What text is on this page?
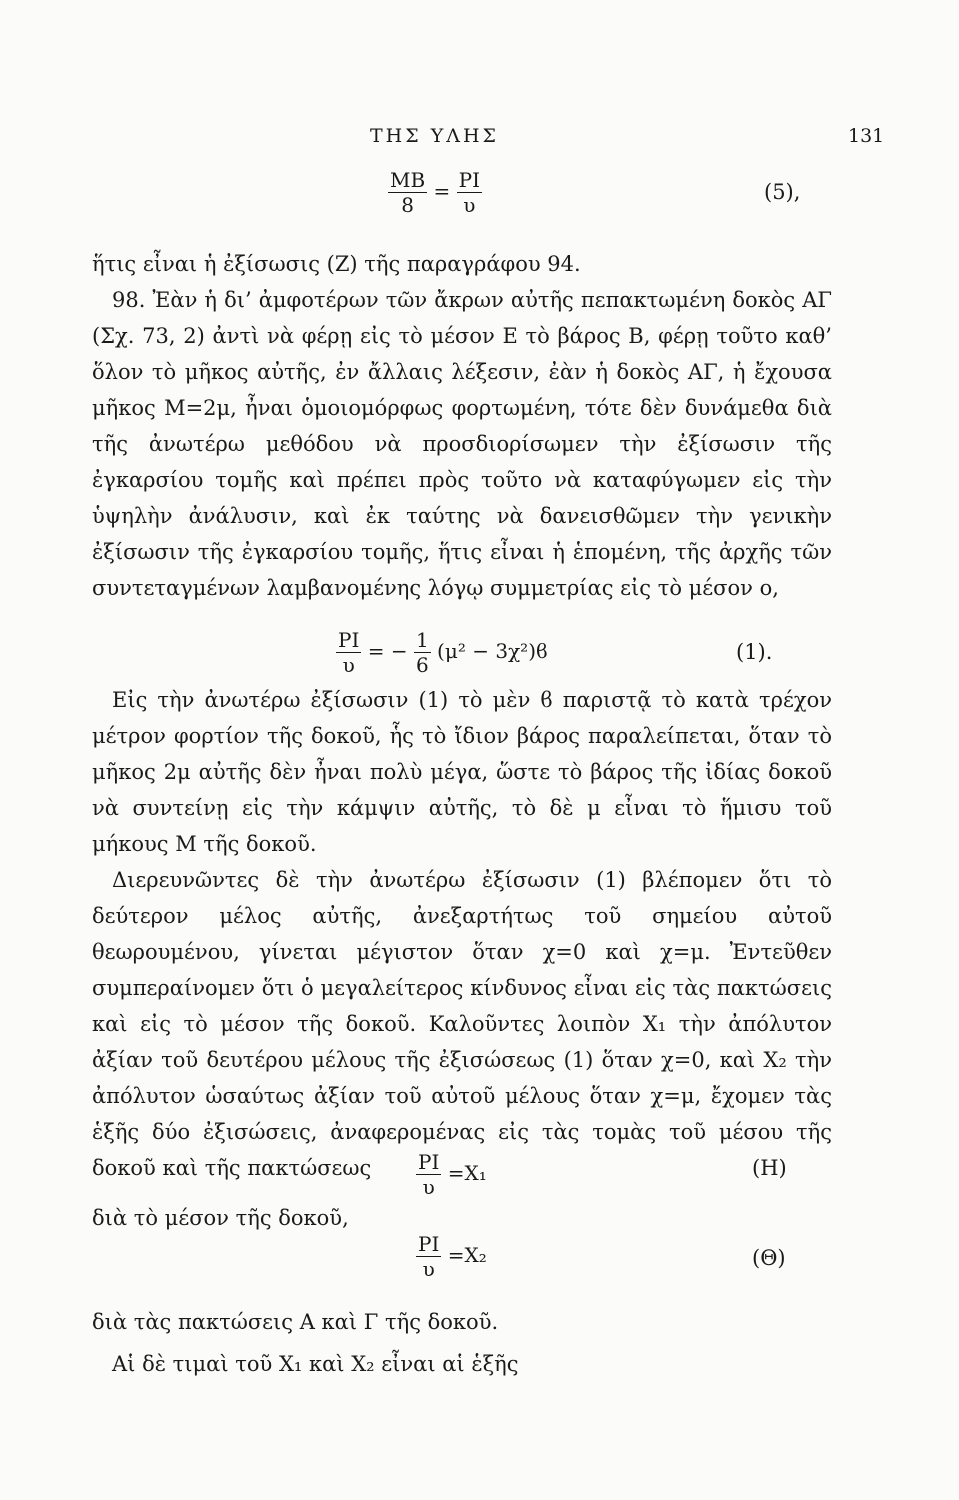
ΤΗΣ ΥΛΗΣ	131
$\frac{MB}{8} = \frac{PI}{\upsilon}$	(5),

ἥτις εἶναι ἡ ἐξίσωσις (Ζ) τῆς παραγράφου 94.

98. Ἐὰν ἡ δι’ ἀμφοτέρων τῶν ἄκρων αὐτῆς πεπακτωμένη δοκὸς ΑΓ (Σχ. 73, 2) ἀντὶ νὰ φέρῃ εἰς τὸ μέσον Ε τὸ βάρος Β, φέρῃ τοῦτο καθ’ ὅλον τὸ μῆκος αὐτῆς, ἐν ἄλλαις λέξεσιν, ἐὰν ἡ δοκὸς ΑΓ, ἡ ἔχουσα μῆκος Μ=2μ, ἦναι ὁμοιομόρφως φορτωμένη, τότε δὲν δυνάμεθα διὰ τῆς ἀνωτέρω μεθόδου νὰ προσδιορίσωμεν τὴν ἐξίσωσιν τῆς ἐγκαρσίου τομῆς καὶ πρέπει πρὸς τοῦτο νὰ καταφύγωμεν εἰς τὴν ὑψηλὴν ἀνάλυσιν, καὶ ἐκ ταύτης νὰ δανεισθῶμεν τὴν γενικὴν ἐξίσωσιν τῆς ἐγκαρσίου τομῆς, ἥτις εἶναι ἡ ἑπομένη, τῆς ἀρχῆς τῶν συντεταγμένων λαμβανομένης λόγῳ συμμετρίας εἰς τὸ μέσον ο,

$\frac{PI}{\upsilon}$ = − $\frac{1}{6} (\mu^2 - 3\chi^2)ϐ$	(1).

Εἰς τὴν ἀνωτέρω ἐξίσωσιν (1) τὸ μὲν ϐ παριστᾷ τὸ κατὰ τρέχον μέτρον φορτίον τῆς δοκοῦ, ἧς τὸ ἴδιον βάρος παραλείπεται, ὅταν τὸ μῆκος 2μ αὐτῆς δὲν ἦναι πολὺ μέγα, ὥστε τὸ βάρος τῆς ἰδίας δοκοῦ νὰ συντείνῃ εἰς τὴν κάμψιν αὐτῆς, τὸ δὲ μ εἶναι τὸ ἥμισυ τοῦ μήκους Μ τῆς δοκοῦ.

Διερευνῶντες δὲ τὴν ἀνωτέρω ἐξίσωσιν (1) βλέπομεν ὅτι τὸ δεύτερον μέλος αὐτῆς, ἀνεξαρτήτως τοῦ σημείου αὐτοῦ θεωρουμένου, γίνεται μέγιστον ὅταν χ=0 καὶ χ=μ. Ἐντεῦθεν συμπεραίνομεν ὅτι ὁ μεγαλείτερος κίνδυνος εἶναι εἰς τὰς πακτώσεις καὶ εἰς τὸ μέσον τῆς δοκοῦ. Καλοῦντες λοιπὸν Χ₁ τὴν ἀπόλυτον ἀξίαν τοῦ δευτέρου μέλους τῆς ἐξισώσεως (1) ὅταν χ=0, καὶ Χ₂ τὴν ἀπόλυτον ὡσαύτως ἀξίαν τοῦ αὐτοῦ μέλους ὅταν χ=μ, ἔχομεν τὰς ἑξῆς δύο ἐξισώσεις, ἀναφερομένας εἰς τὰς τομὰς τοῦ μέσου τῆς δοκοῦ καὶ τῆς πακτώσεως	$\frac{PI}{\upsilon} =X_1$	(Η)

διὰ τὸ μέσον τῆς δοκοῦ,

$\frac{PI}{\upsilon} =X_2$	(Θ)

διὰ τὰς πακτώσεις Α καὶ Γ τῆς δοκοῦ.

Αἱ δὲ τιμαὶ τοῦ Χ₁ καὶ Χ₂ εἶναι αἱ ἑξῆς
